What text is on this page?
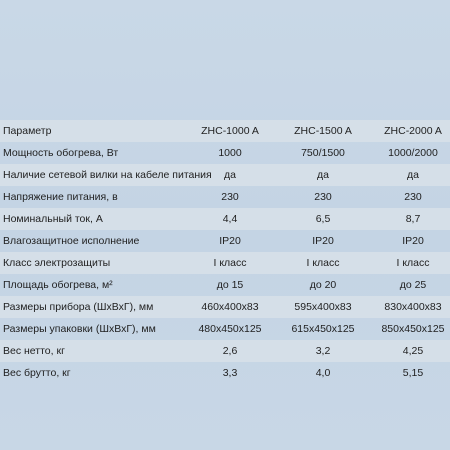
Параметр	ZHC-1000 A	ZHC-1500 A	ZHC-2000 A
Мощность обогрева, Вт	1000	750/1500	1000/2000
Наличие сетевой вилки на кабеле питания	да	да	да
Напряжение питания, в	230	230	230
Номинальный ток, А	4,4	6,5	8,7
Влагозащитное исполнение	IP20	IP20	IP20
Класс электрозащиты	I класс	I класс	I класс
Площадь обогрева, м²	до 15	до 20	до 25
Размеры прибора (ШхВхГ), мм	460x400x83	595x400x83	830x400x83
Размеры упаковки (ШхВхГ), мм	480x450x125	615x450x125	850x450x125
Вес нетто, кг	2,6	3,2	4,25
Вес брутто, кг	3,3	4,0	5,15
